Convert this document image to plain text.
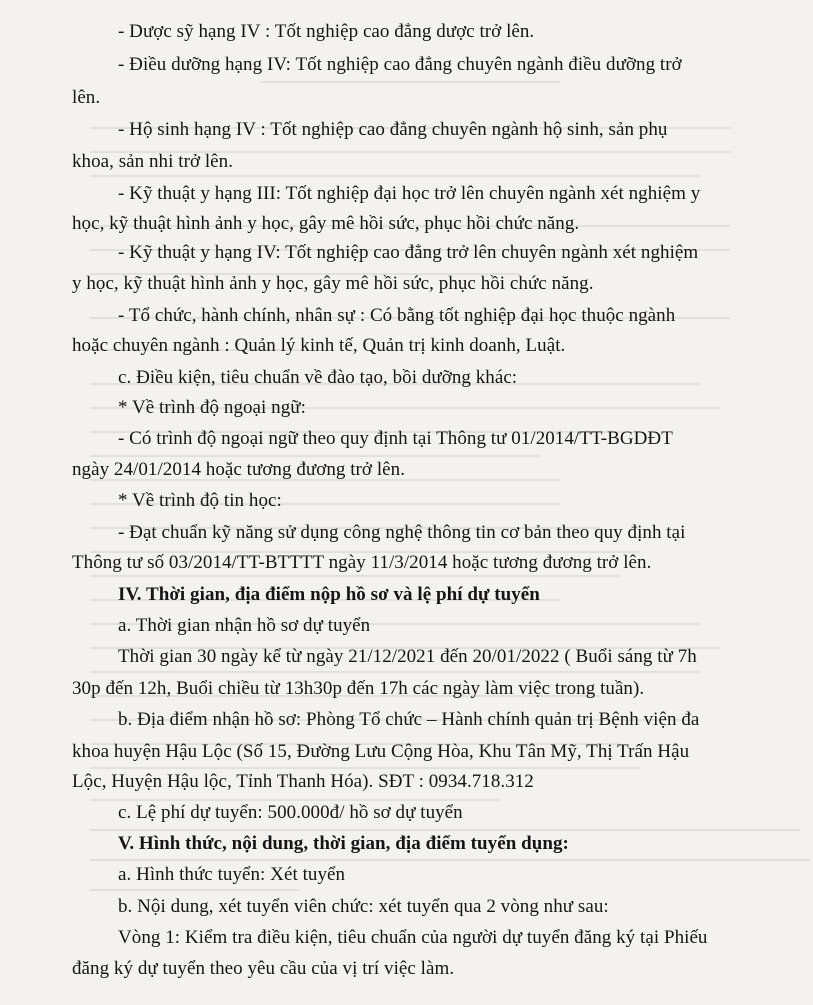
- Dược sỹ hạng IV : Tốt nghiệp cao đẳng dược trở lên.

- Điều dưỡng hạng IV: Tốt nghiệp cao đẳng chuyên ngành điều dưỡng trở

lên.

- Hộ sinh hạng IV : Tốt nghiệp cao đẳng chuyên ngành hộ sinh, sản phụ

khoa, sản nhi trở lên.

- Kỹ thuật y hạng III: Tốt nghiệp đại học trở lên chuyên ngành xét nghiệm y

học, kỹ thuật hình ảnh y học, gây mê hồi sức, phục hồi chức năng.

- Kỹ thuật y hạng IV: Tốt nghiệp cao đẳng trở lên chuyên ngành xét nghiệm

y học, kỹ thuật hình ảnh y học, gây mê hồi sức, phục hồi chức năng.

- Tổ chức, hành chính, nhân sự : Có bằng tốt nghiệp đại học thuộc ngành

hoặc chuyên ngành : Quản lý kinh tế, Quản trị kinh doanh, Luật.

c. Điều kiện, tiêu chuẩn về đào tạo, bồi dưỡng khác:

* Về trình độ ngoại ngữ:

- Có trình độ ngoại ngữ theo quy định tại Thông tư 01/2014/TT-BGDĐT

ngày 24/01/2014 hoặc tương đương trở lên.

* Về trình độ tin học:

- Đạt chuẩn kỹ năng sử dụng công nghệ thông tin cơ bản theo quy định tại

Thông tư số 03/2014/TT-BTTTT ngày 11/3/2014 hoặc tương đương trở lên.

IV. Thời gian, địa điểm nộp hồ sơ và lệ phí dự tuyển

a. Thời gian nhận hồ sơ dự tuyển

Thời gian 30 ngày kể từ ngày 21/12/2021 đến 20/01/2022 ( Buổi sáng từ 7h

30p đến 12h, Buổi chiều từ 13h30p đến 17h các ngày làm việc trong tuần).

b. Địa điểm nhận hồ sơ: Phòng Tổ chức – Hành chính quản trị Bệnh viện đa

khoa huyện Hậu Lộc (Số 15, Đường Lưu Cộng Hòa, Khu Tân Mỹ, Thị Trấn Hậu

Lộc, Huyện Hậu lộc, Tỉnh Thanh Hóa). SĐT : 0934.718.312

c. Lệ phí dự tuyển: 500.000đ/ hồ sơ dự tuyển

V. Hình thức, nội dung, thời gian, địa điểm tuyển dụng:

a. Hình thức tuyển: Xét tuyển

b. Nội dung, xét tuyển viên chức: xét tuyển qua 2 vòng như sau:

Vòng 1: Kiểm tra điều kiện, tiêu chuẩn của người dự tuyển đăng ký tại Phiếu

đăng ký dự tuyển theo yêu cầu của vị trí việc làm.
